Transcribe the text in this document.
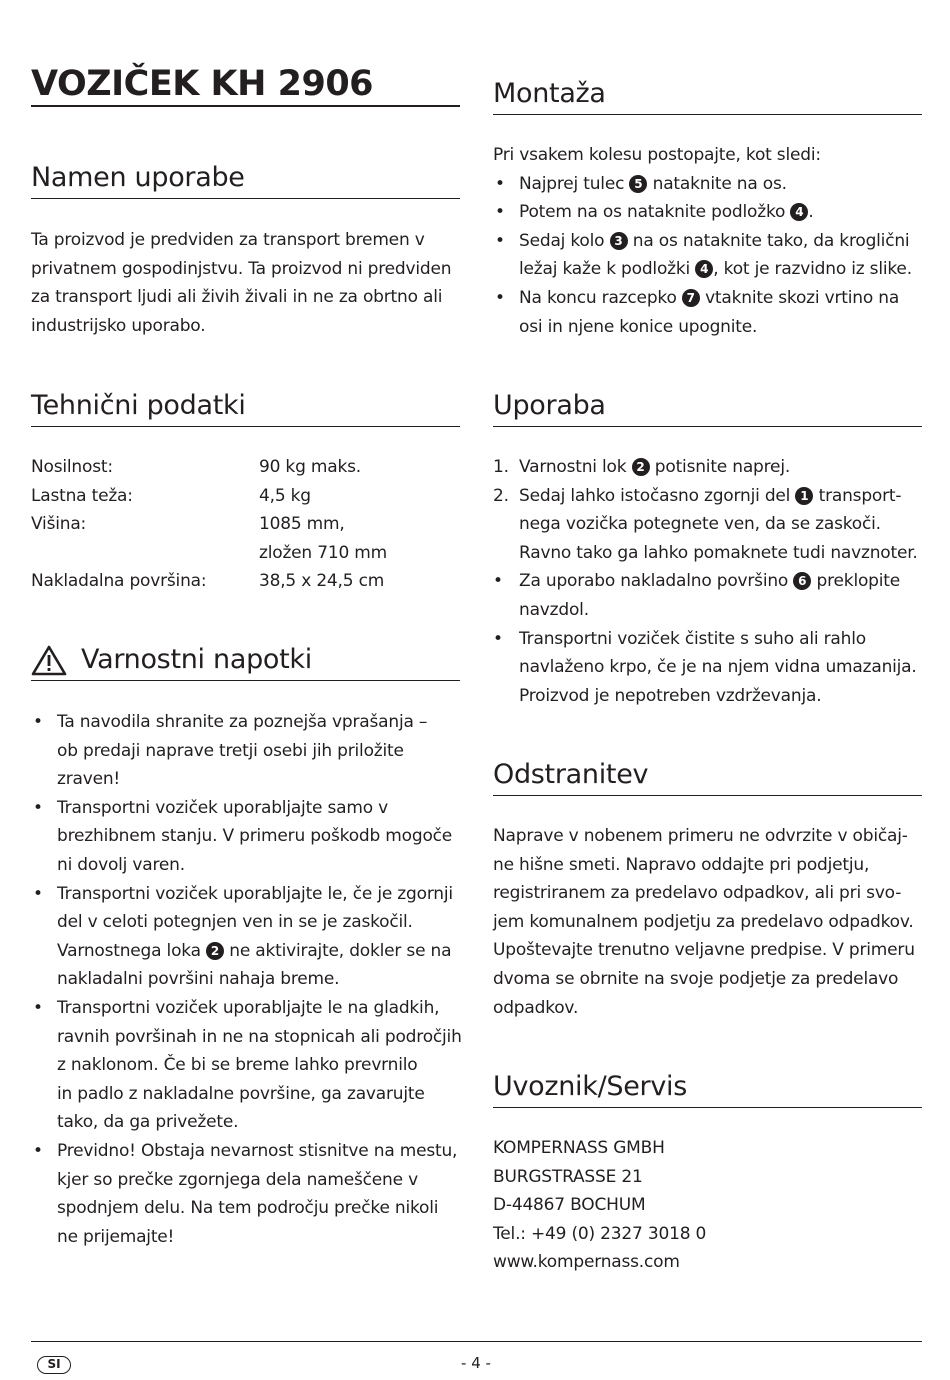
VOZIČEK KH 2906
Namen uporabe
Ta proizvod je predviden za transport bremen v
privatnem gospodinjstvu. Ta proizvod ni predviden
za transport ljudi ali živih živali in ne za obrtno ali
industrijsko uporabo.
Tehnični podatki
Nosilnost:	90 kg maks.
Lastna teža:	4,5 kg
Višina:	1085 mm,
zložen 710 mm
Nakladalna površina:	38,5 x 24,5 cm
Varnostni napotki
• Ta navodila shranite za poznejša vprašanja –
ob predaji naprave tretji osebi jih priložite
zraven!
• Transportni voziček uporabljajte samo v
brezhibnem stanju. V primeru poškodb mogoče
ni dovolj varen.
• Transportni voziček uporabljajte le, če je zgornji
del v celoti potegnjen ven in se je zaskočil.
Varnostnega loka 2 ne aktivirajte, dokler se na
nakladalni površini nahaja breme.
• Transportni voziček uporabljajte le na gladkih,
ravnih površinah in ne na stopnicah ali področjih
z naklonom. Če bi se breme lahko prevrnilo
in padlo z nakladalne površine, ga zavarujte
tako, da ga privežete.
• Previdno! Obstaja nevarnost stisnitve na mestu,
kjer so prečke zgornjega dela nameščene v
spodnjem delu. Na tem področju prečke nikoli
ne prijemajte!
Montaža
Pri vsakem kolesu postopajte, kot sledi:
• Najprej tulec 5 nataknite na os.
• Potem na os nataknite podložko 4 .
• Sedaj kolo 3 na os nataknite tako, da kroglični
ležaj kaže k podložki 4 , kot je razvidno iz slike.
• Na koncu razcepko 7 vtaknite skozi vrtino na
osi in njene konice upognite.
Uporaba
1. Varnostni lok 2 potisnite naprej.
2. Sedaj lahko istočasno zgornji del 1 transport-
nega vozička potegnete ven, da se zaskoči.
Ravno tako ga lahko pomaknete tudi navznoter.
• Za uporabo nakladalno površino 6 preklopite
navzdol.
• Transportni voziček čistite s suho ali rahlo
navlaženo krpo, če je na njem vidna umazanija.
Proizvod je nepotreben vzdrževanja.
Odstranitev
Naprave v nobenem primeru ne odvrzite v običaj-
ne hišne smeti. Napravo oddajte pri podjetju,
registriranem za predelavo odpadkov, ali pri svo-
jem komunalnem podjetju za predelavo odpadkov.
Upoštevajte trenutno veljavne predpise. V primeru
dvoma se obrnite na svoje podjetje za predelavo
odpadkov.
Uvoznik/Servis
KOMPERNASS GMBH
BURGSTRASSE 21
D-44867 BOCHUM
Tel.: +49 (0) 2327 3018 0
www.kompernass.com
SI	- 4 -
